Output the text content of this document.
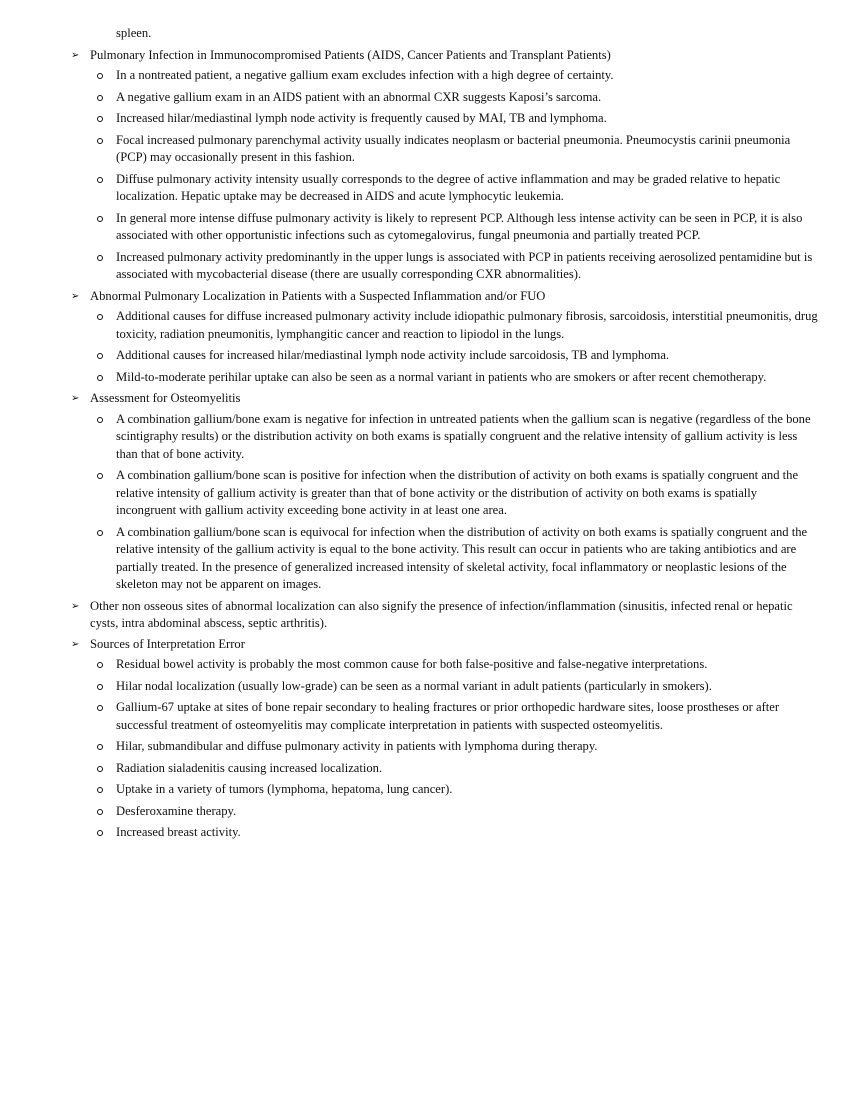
spleen.
➢ Pulmonary Infection in Immunocompromised Patients (AIDS, Cancer Patients and Transplant Patients)
In a nontreated patient, a negative gallium exam excludes infection with a high degree of certainty.
A negative gallium exam in an AIDS patient with an abnormal CXR suggests Kaposi’s sarcoma.
Increased hilar/mediastinal lymph node activity is frequently caused by MAI, TB and lymphoma.
Focal increased pulmonary parenchymal activity usually indicates neoplasm or bacterial pneumonia. Pneumocystis carinii pneumonia (PCP) may occasionally present in this fashion.
Diffuse pulmonary activity intensity usually corresponds to the degree of active inflammation and may be graded relative to hepatic localization. Hepatic uptake may be decreased in AIDS and acute lymphocytic leukemia.
In general more intense diffuse pulmonary activity is likely to represent PCP. Although less intense activity can be seen in PCP, it is also associated with other opportunistic infections such as cytomegalovirus, fungal pneumonia and partially treated PCP.
Increased pulmonary activity predominantly in the upper lungs is associated with PCP in patients receiving aerosolized pentamidine but is associated with mycobacterial disease (there are usually corresponding CXR abnormalities).
➢ Abnormal Pulmonary Localization in Patients with a Suspected Inflammation and/or FUO
Additional causes for diffuse increased pulmonary activity include idiopathic pulmonary fibrosis, sarcoidosis, interstitial pneumonitis, drug toxicity, radiation pneumonitis, lymphangitic cancer and reaction to lipiodol in the lungs.
Additional causes for increased hilar/mediastinal lymph node activity include sarcoidosis, TB and lymphoma.
Mild-to-moderate perihilar uptake can also be seen as a normal variant in patients who are smokers or after recent chemotherapy.
➢ Assessment for Osteomyelitis
A combination gallium/bone exam is negative for infection in untreated patients when the gallium scan is negative (regardless of the bone scintigraphy results) or the distribution activity on both exams is spatially congruent and the relative intensity of gallium activity is less than that of bone activity.
A combination gallium/bone scan is positive for infection when the distribution of activity on both exams is spatially congruent and the relative intensity of gallium activity is greater than that of bone activity or the distribution of activity on both exams is spatially incongruent with gallium activity exceeding bone activity in at least one area.
A combination gallium/bone scan is equivocal for infection when the distribution of activity on both exams is spatially congruent and the relative intensity of the gallium activity is equal to the bone activity. This result can occur in patients who are taking antibiotics and are partially treated. In the presence of generalized increased intensity of skeletal activity, focal inflammatory or neoplastic lesions of the skeleton may not be apparent on images.
➢ Other non osseous sites of abnormal localization can also signify the presence of infection/inflammation (sinusitis, infected renal or hepatic cysts, intra abdominal abscess, septic arthritis).
➢ Sources of Interpretation Error
Residual bowel activity is probably the most common cause for both false-positive and false-negative interpretations.
Hilar nodal localization (usually low-grade) can be seen as a normal variant in adult patients (particularly in smokers).
Gallium-67 uptake at sites of bone repair secondary to healing fractures or prior orthopedic hardware sites, loose prostheses or after successful treatment of osteomyelitis may complicate interpretation in patients with suspected osteomyelitis.
Hilar, submandibular and diffuse pulmonary activity in patients with lymphoma during therapy.
Radiation sialadenitis causing increased localization.
Uptake in a variety of tumors (lymphoma, hepatoma, lung cancer).
Desferoxamine therapy.
Increased breast activity.
